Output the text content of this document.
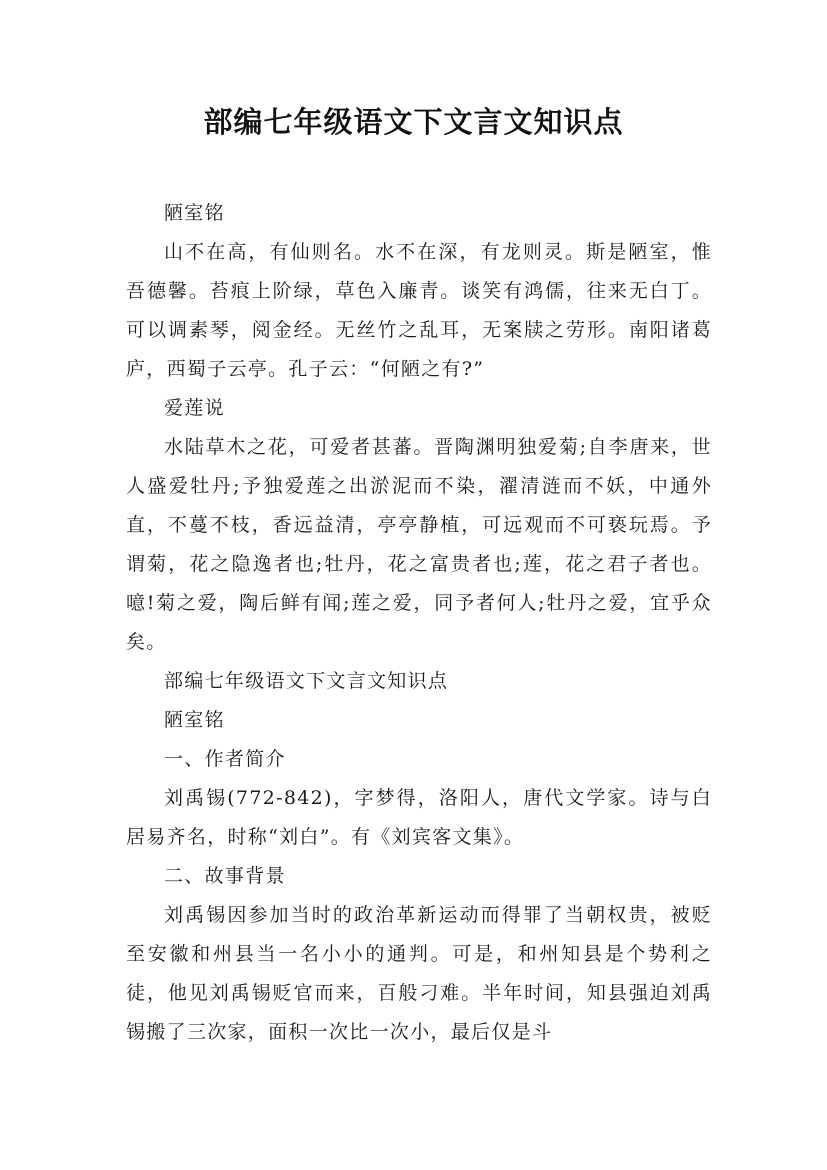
部编七年级语文下文言文知识点

陋室铭

山不在高，有仙则名。水不在深，有龙则灵。斯是陋室，惟吾德馨。苔痕上阶绿，草色入廉青。谈笑有鸿儒，往来无白丁。可以调素琴，阅金经。无丝竹之乱耳，无案牍之劳形。南阳诸葛庐，西蜀子云亭。孔子云：“何陋之有?”

爱莲说

水陆草木之花，可爱者甚蕃。晋陶渊明独爱菊;自李唐来，世人盛爱牡丹;予独爱莲之出淤泥而不染，濯清涟而不妖，中通外直，不蔓不枝，香远益清，亭亭静植，可远观而不可亵玩焉。予谓菊，花之隐逸者也;牡丹，花之富贵者也;莲，花之君子者也。噫!菊之爱，陶后鲜有闻;莲之爱，同予者何人;牡丹之爱，宜乎众矣。

部编七年级语文下文言文知识点

陋室铭

一、作者简介

刘禹锡(772-842)，字梦得，洛阳人，唐代文学家。诗与白居易齐名，时称“刘白”。有《刘宾客文集》。

二、故事背景

刘禹锡因参加当时的政治革新运动而得罪了当朝权贵，被贬至安徽和州县当一名小小的通判。可是，和州知县是个势利之徒，他见刘禹锡贬官而来，百般刁难。半年时间，知县强迫刘禹锡搬了三次家，面积一次比一次小，最后仅是斗
